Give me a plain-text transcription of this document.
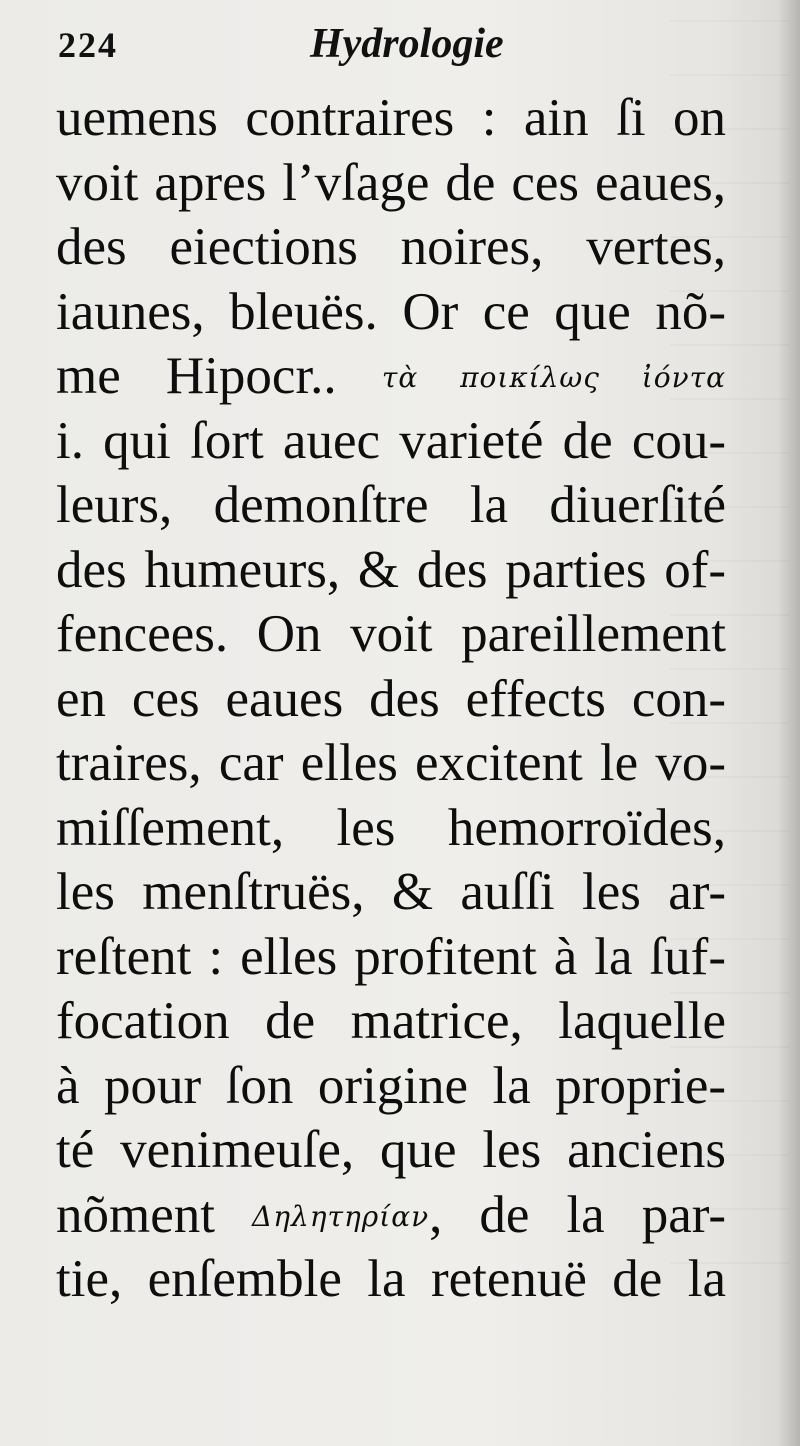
224	Hydrologie
uemens contraires : ain ſi on
voit apres l’vſage de ces eaues,
des eiections noires, vertes,
iaunes, bleuës. Or ce que nõ-
me Hipocr.. τὰ ποικίλως ἰόντα
i. qui ſort auec varieté de cou-
leurs, demonſtre la diuerſité
des humeurs, & des parties of-
fencees. On voit pareillement
en ces eaues des effects con-
traires, car elles excitent le vo-
miſſement, les hemorroïdes,
les menſtruës, & auſſi les ar-
reſtent : elles profitent à la ſuf-
focation de matrice, laquelle
à pour ſon origine la proprie-
té venimeuſe, que les anciens
nõment Δηλητηρίαν, de la par-
tie, enſemble la retenuë de la
